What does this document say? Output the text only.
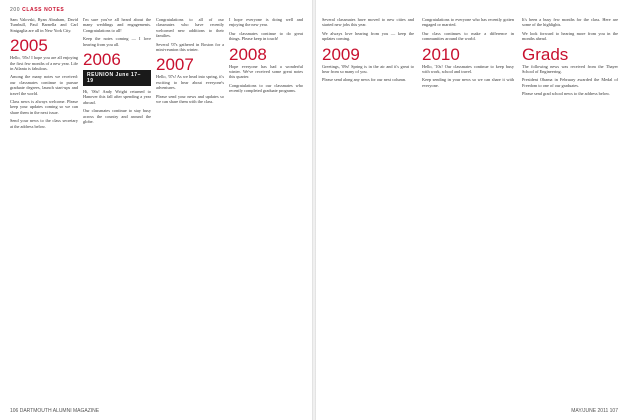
200 CLASS NOTES

Sam Valovski, Ryan Abraham, David Turnbull, Paul Barnella and Carl Sinigaglia are all in New York City.

2005

Hello, '05s! I hope you are all enjoying the first few months of a new year. Life in Atlanta is fabulous.

Among the many notes we received: our classmates continue to pursue graduate degrees, launch start-ups and travel the world.

Class news is always welcome. Please keep your updates coming so we can share them in the next issue.

Send your news to the class secretary at the address below.

I'm sure you've all heard about the many weddings and engagements. Congratulations to all!

Keep the notes coming — I love hearing from you all.

2006
REUNION June 17–19

Hi, '06s! Andy Wright returned to Hanover this fall after spending a year abroad.

Our classmates continue to stay busy across the country and around the globe.

Congratulations to all of our classmates who have recently welcomed new additions to their families.

Several '07s gathered in Boston for a mini-reunion this winter.

2007

Hello, '07s! As we head into spring, it's exciting to hear about everyone's adventures.

Please send your news and updates so we can share them with the class.

I hope everyone is doing well and enjoying the new year.

Our classmates continue to do great things. Please keep in touch!

2008

Hope everyone has had a wonderful winter. We've received some great notes this quarter.

Congratulations to our classmates who recently completed graduate programs.

106 DARTMOUTH ALUMNI MAGAZINE

Several classmates have moved to new cities and started new jobs this year.

We always love hearing from you — keep the updates coming.

2009

Greetings, '09s! Spring is in the air and it's great to hear from so many of you.

Please send along any news for our next column.

Congratulations to everyone who has recently gotten engaged or married.

Our class continues to make a difference in communities around the world.

2010

Hello, '10s! Our classmates continue to keep busy with work, school and travel.

Keep sending in your news so we can share it with everyone.

It's been a busy few months for the class. Here are some of the highlights.

We look forward to hearing more from you in the months ahead.

Grads

The following news was received from the Thayer School of Engineering.

President Obama in February awarded the Medal of Freedom to one of our graduates.

Please send grad school news to the address below.

MAY/JUNE 2011 107
